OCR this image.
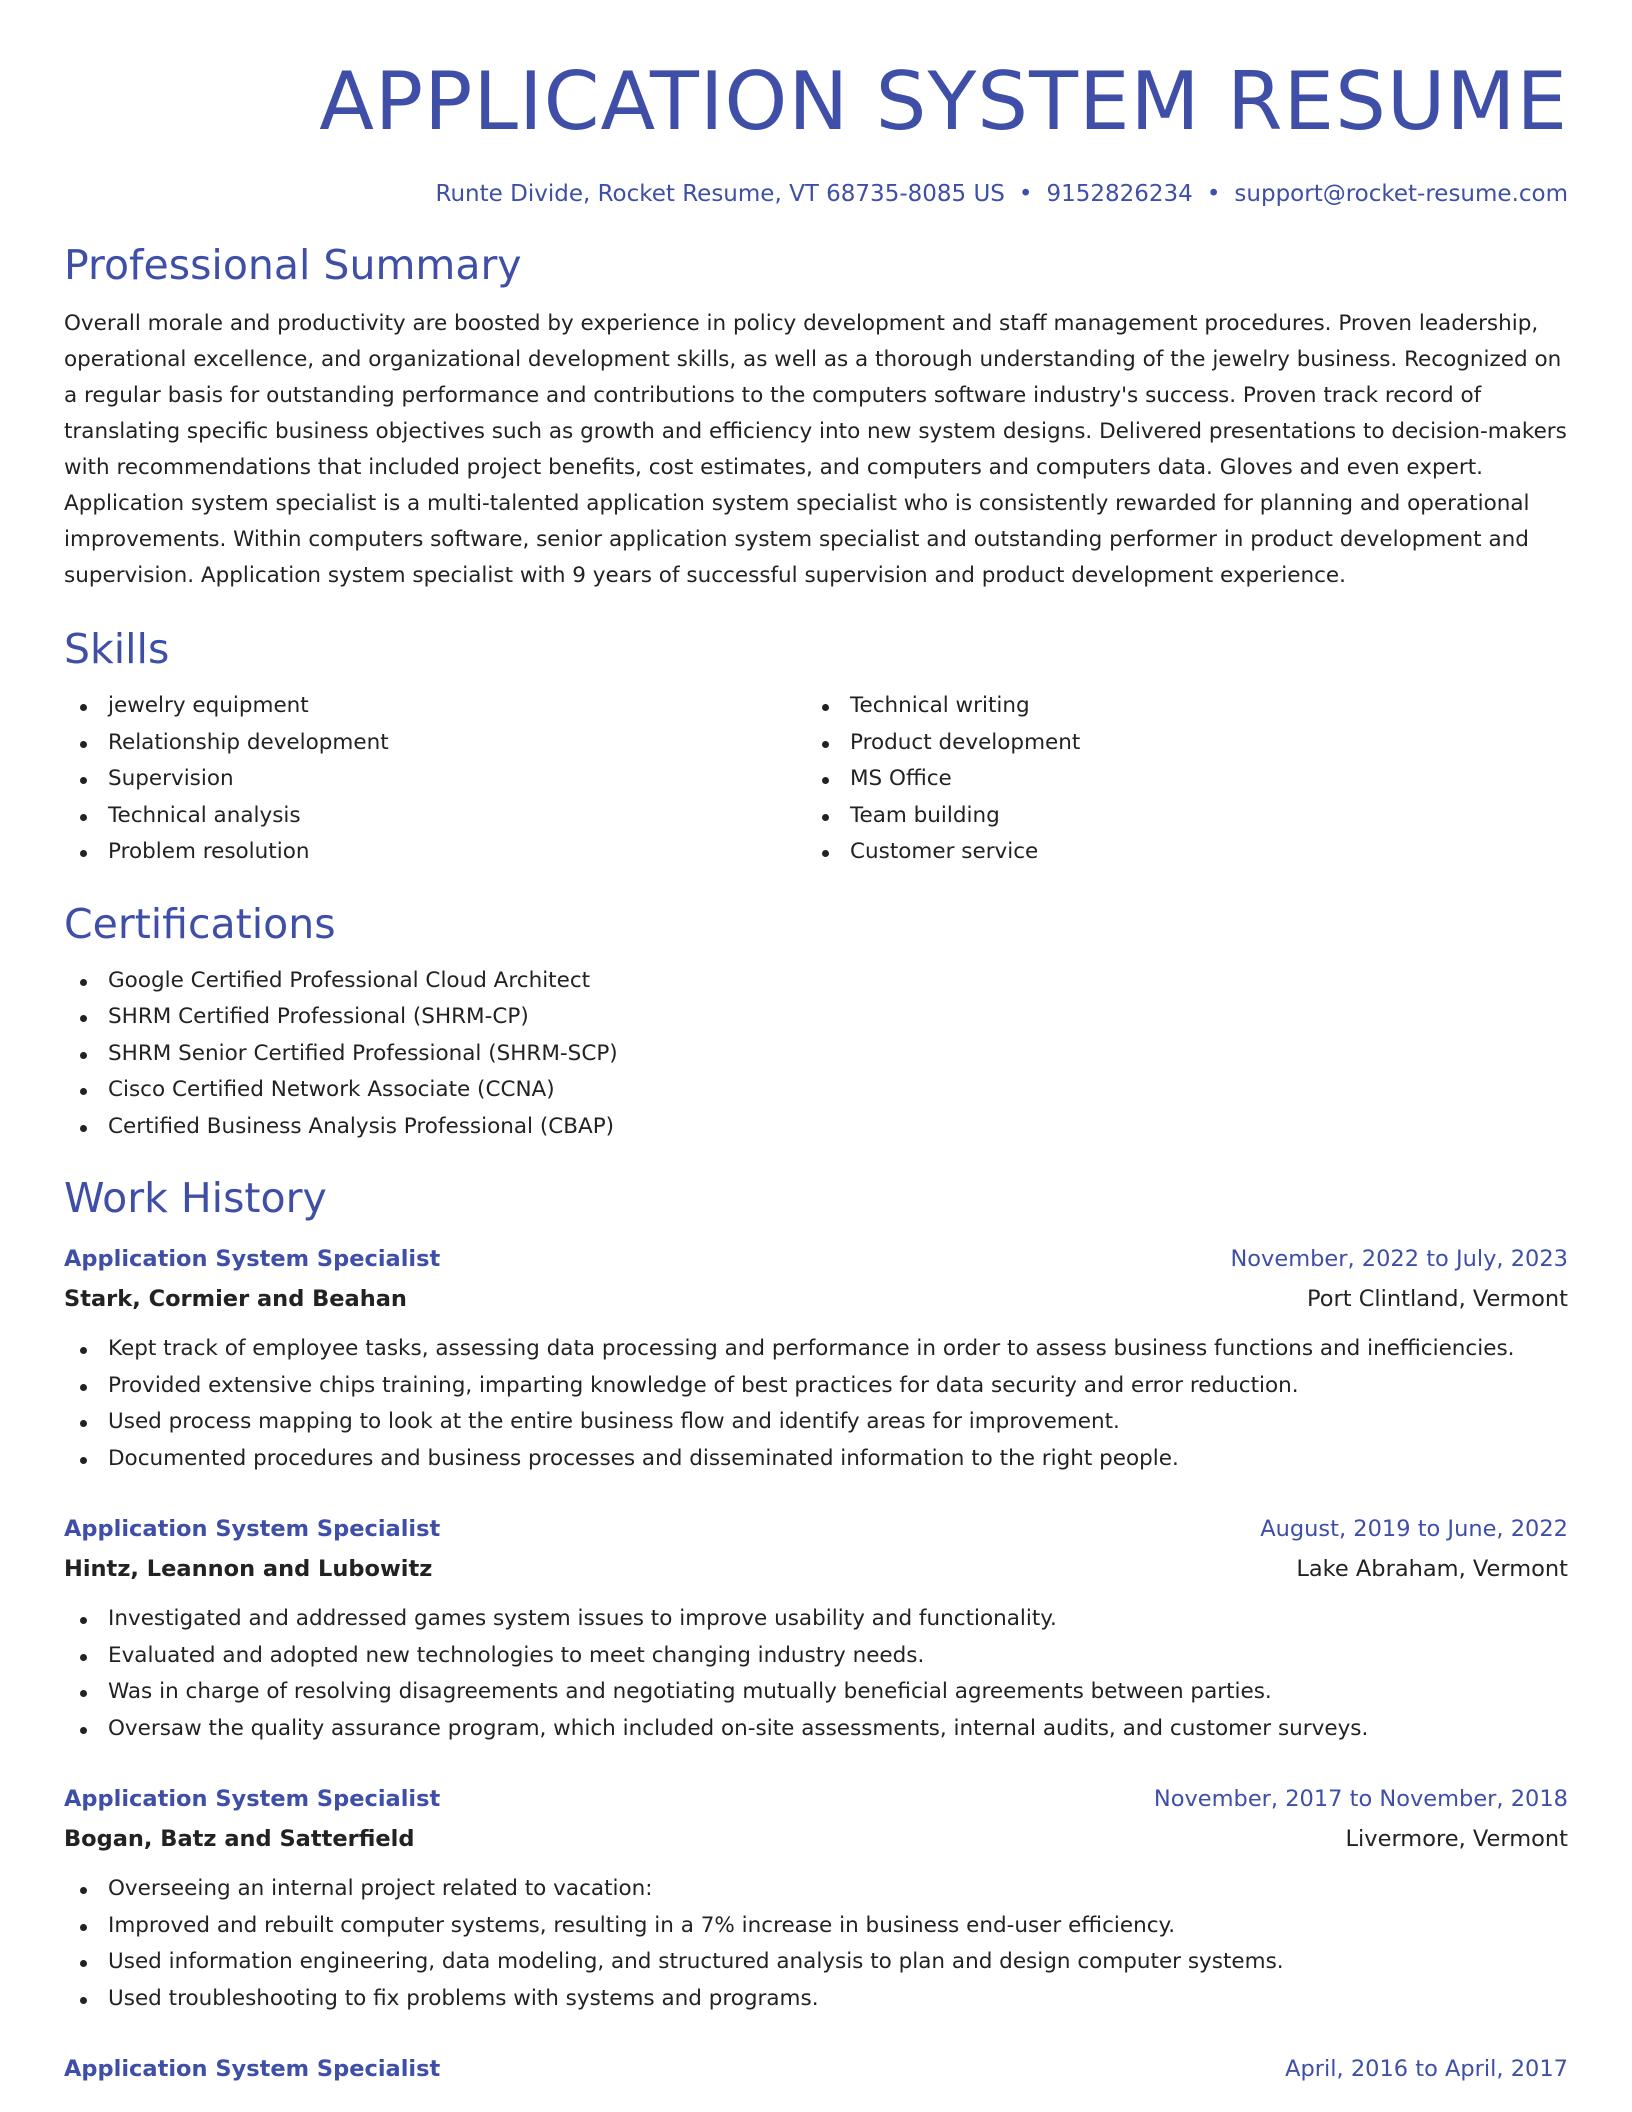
APPLICATION SYSTEM RESUME
Runte Divide, Rocket Resume, VT 68735-8085 US • 9152826234 • support@rocket-resume.com
Professional Summary

Overall morale and productivity are boosted by experience in policy development and staff management procedures. Proven leadership, operational excellence, and organizational development skills, as well as a thorough understanding of the jewelry business. Recognized on a regular basis for outstanding performance and contributions to the computers software industry's success. Proven track record of translating specific business objectives such as growth and efficiency into new system designs. Delivered presentations to decision-makers with recommendations that included project benefits, cost estimates, and computers and computers data. Gloves and even expert. Application system specialist is a multi-talented application system specialist who is consistently rewarded for planning and operational improvements. Within computers software, senior application system specialist and outstanding performer in product development and supervision. Application system specialist with 9 years of successful supervision and product development experience.

Skills
jewelry equipment
Relationship development
Supervision
Technical analysis
Problem resolution
Technical writing
Product development
MS Office
Team building
Customer service
Certifications
Google Certified Professional Cloud Architect
SHRM Certified Professional (SHRM-CP)
SHRM Senior Certified Professional (SHRM-SCP)
Cisco Certified Network Associate (CCNA)
Certified Business Analysis Professional (CBAP)
Work History
Application System Specialist	November, 2022 to July, 2023
Stark, Cormier and Beahan	Port Clintland, Vermont
Kept track of employee tasks, assessing data processing and performance in order to assess business functions and inefficiencies.
Provided extensive chips training, imparting knowledge of best practices for data security and error reduction.
Used process mapping to look at the entire business flow and identify areas for improvement.
Documented procedures and business processes and disseminated information to the right people.
Application System Specialist	August, 2019 to June, 2022
Hintz, Leannon and Lubowitz	Lake Abraham, Vermont
Investigated and addressed games system issues to improve usability and functionality.
Evaluated and adopted new technologies to meet changing industry needs.
Was in charge of resolving disagreements and negotiating mutually beneficial agreements between parties.
Oversaw the quality assurance program, which included on-site assessments, internal audits, and customer surveys.
Application System Specialist	November, 2017 to November, 2018
Bogan, Batz and Satterfield	Livermore, Vermont
Overseeing an internal project related to vacation:
Improved and rebuilt computer systems, resulting in a 7% increase in business end-user efficiency.
Used information engineering, data modeling, and structured analysis to plan and design computer systems.
Used troubleshooting to fix problems with systems and programs.
Application System Specialist	April, 2016 to April, 2017
